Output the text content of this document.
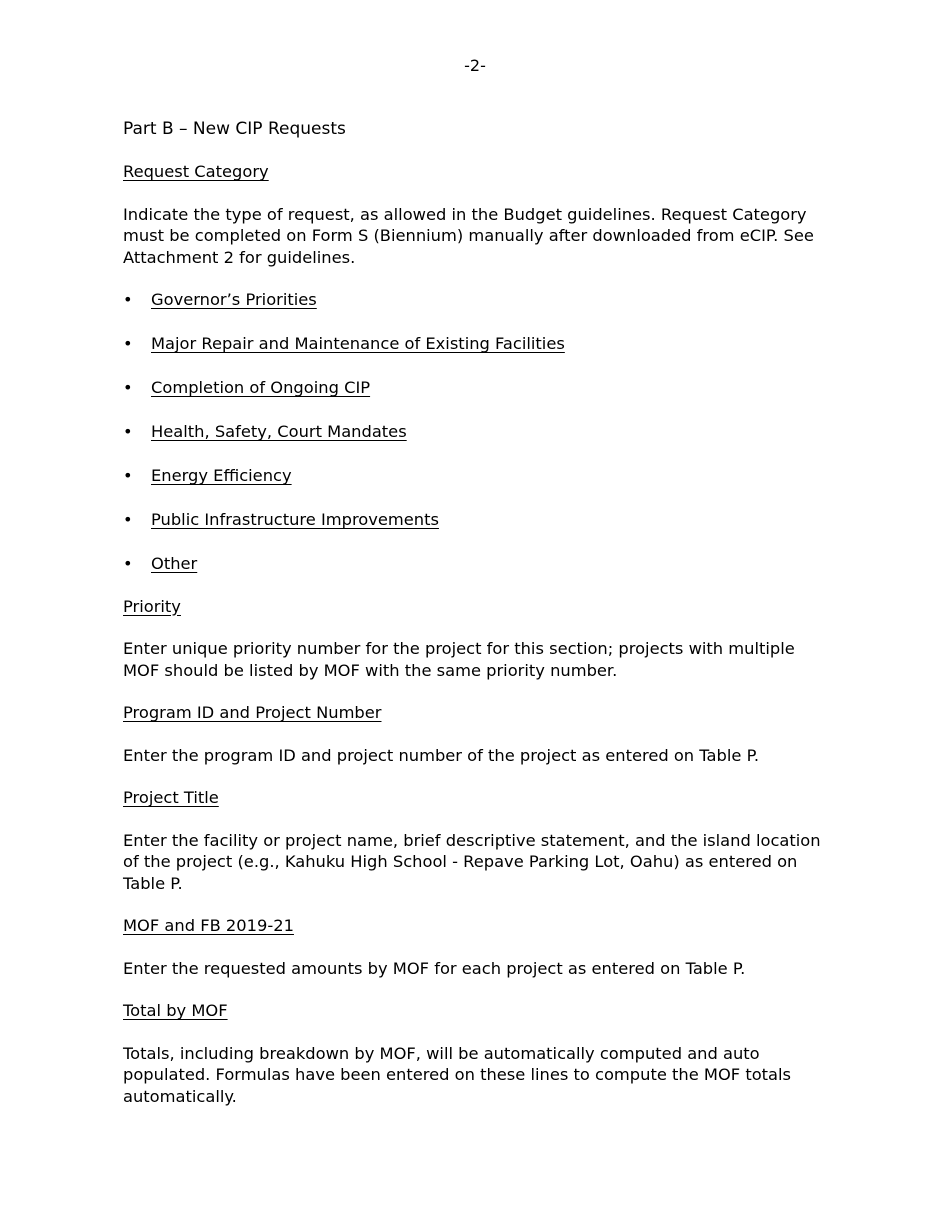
-2-
Part B – New CIP Requests
Request Category
Indicate the type of request, as allowed in the Budget guidelines. Request Category must be completed on Form S (Biennium) manually after downloaded from eCIP. See Attachment 2 for guidelines.
• Governor’s Priorities
• Major Repair and Maintenance of Existing Facilities
• Completion of Ongoing CIP
• Health, Safety, Court Mandates
• Energy Efficiency
• Public Infrastructure Improvements
• Other
Priority
Enter unique priority number for the project for this section; projects with multiple MOF should be listed by MOF with the same priority number.
Program ID and Project Number
Enter the program ID and project number of the project as entered on Table P.
Project Title
Enter the facility or project name, brief descriptive statement, and the island location of the project (e.g., Kahuku High School - Repave Parking Lot, Oahu) as entered on Table P.
MOF and FB 2019-21
Enter the requested amounts by MOF for each project as entered on Table P.
Total by MOF
Totals, including breakdown by MOF, will be automatically computed and auto populated. Formulas have been entered on these lines to compute the MOF totals automatically.
